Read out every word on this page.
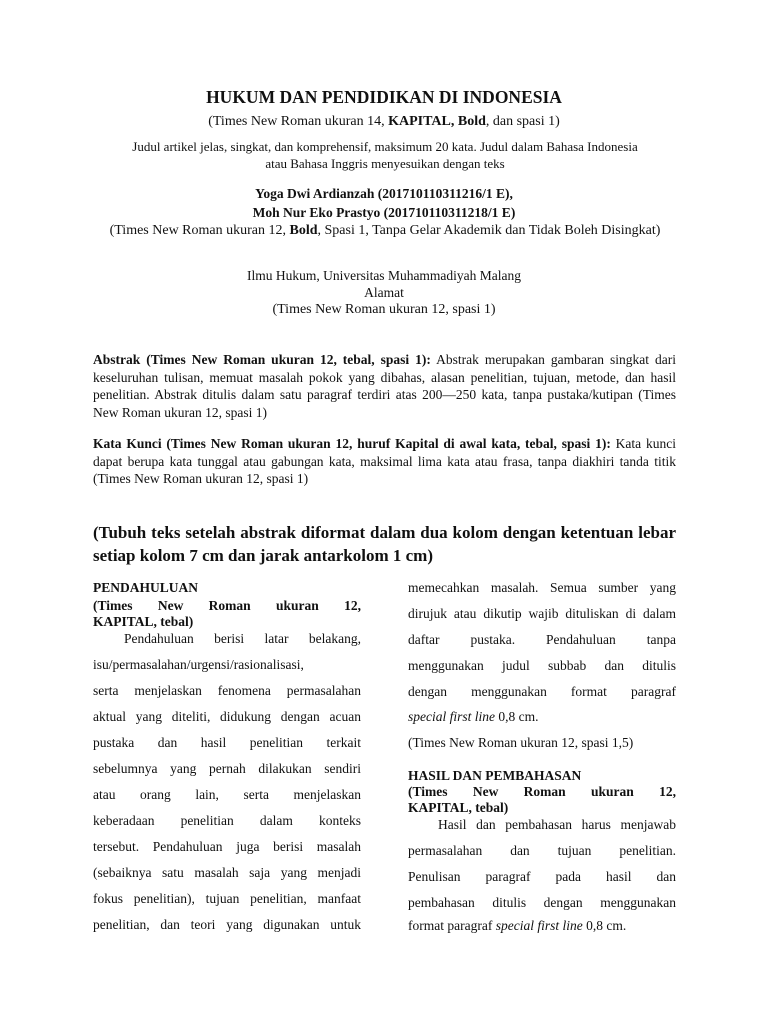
HUKUM DAN PENDIDIKAN DI INDONESIA
(Times New Roman ukuran 14, KAPITAL, Bold, dan spasi 1)
Judul artikel jelas, singkat, dan komprehensif, maksimum 20 kata. Judul dalam Bahasa Indonesia
atau Bahasa Inggris menyesuikan dengan teks
Yoga Dwi Ardianzah (201710110311216/1 E),
Moh Nur Eko Prastyo (201710110311218/1 E)
(Times New Roman ukuran 12, Bold, Spasi 1, Tanpa Gelar Akademik dan Tidak Boleh Disingkat)
Ilmu Hukum, Universitas Muhammadiyah Malang
Alamat
(Times New Roman ukuran 12, spasi 1)
Abstrak (Times New Roman ukuran 12, tebal, spasi 1): Abstrak merupakan gambaran singkat dari keseluruhan tulisan, memuat masalah pokok yang dibahas, alasan penelitian, tujuan, metode, dan hasil penelitian. Abstrak ditulis dalam satu paragraf terdiri atas 200—250 kata, tanpa pustaka/kutipan (Times New Roman ukuran 12, spasi 1)
Kata Kunci (Times New Roman ukuran 12, huruf Kapital di awal kata, tebal, spasi 1): Kata kunci dapat berupa kata tunggal atau gabungan kata, maksimal lima kata atau frasa, tanpa diakhiri tanda titik (Times New Roman ukuran 12, spasi 1)
(Tubuh teks setelah abstrak diformat dalam dua kolom dengan ketentuan lebar setiap kolom 7 cm dan jarak antarkolom 1 cm)
PENDAHULUAN
(Times New Roman ukuran 12,
KAPITAL, tebal)
Pendahuluan berisi latar belakang,
isu/permasalahan/urgensi/rasionalisasi,
serta menjelaskan fenomena permasalahan
aktual yang diteliti, didukung dengan acuan
pustaka dan hasil penelitian terkait
sebelumnya yang pernah dilakukan sendiri
atau orang lain, serta menjelaskan
keberadaan penelitian dalam konteks
tersebut. Pendahuluan juga berisi masalah
(sebaiknya satu masalah saja yang menjadi
fokus penelitian), tujuan penelitian, manfaat
penelitian, dan teori yang digunakan untuk
memecahkan masalah. Semua sumber yang
dirujuk atau dikutip wajib dituliskan di dalam
daftar pustaka. Pendahuluan tanpa
menggunakan judul subbab dan ditulis
dengan menggunakan format paragraf
special first line 0,8 cm.
(Times New Roman ukuran 12, spasi 1,5)
HASIL DAN PEMBAHASAN
(Times New Roman ukuran 12,
KAPITAL, tebal)
Hasil dan pembahasan harus menjawab
permasalahan dan tujuan penelitian.
Penulisan paragraf pada hasil dan
pembahasan ditulis dengan menggunakan
format paragraf special first line 0,8 cm.
